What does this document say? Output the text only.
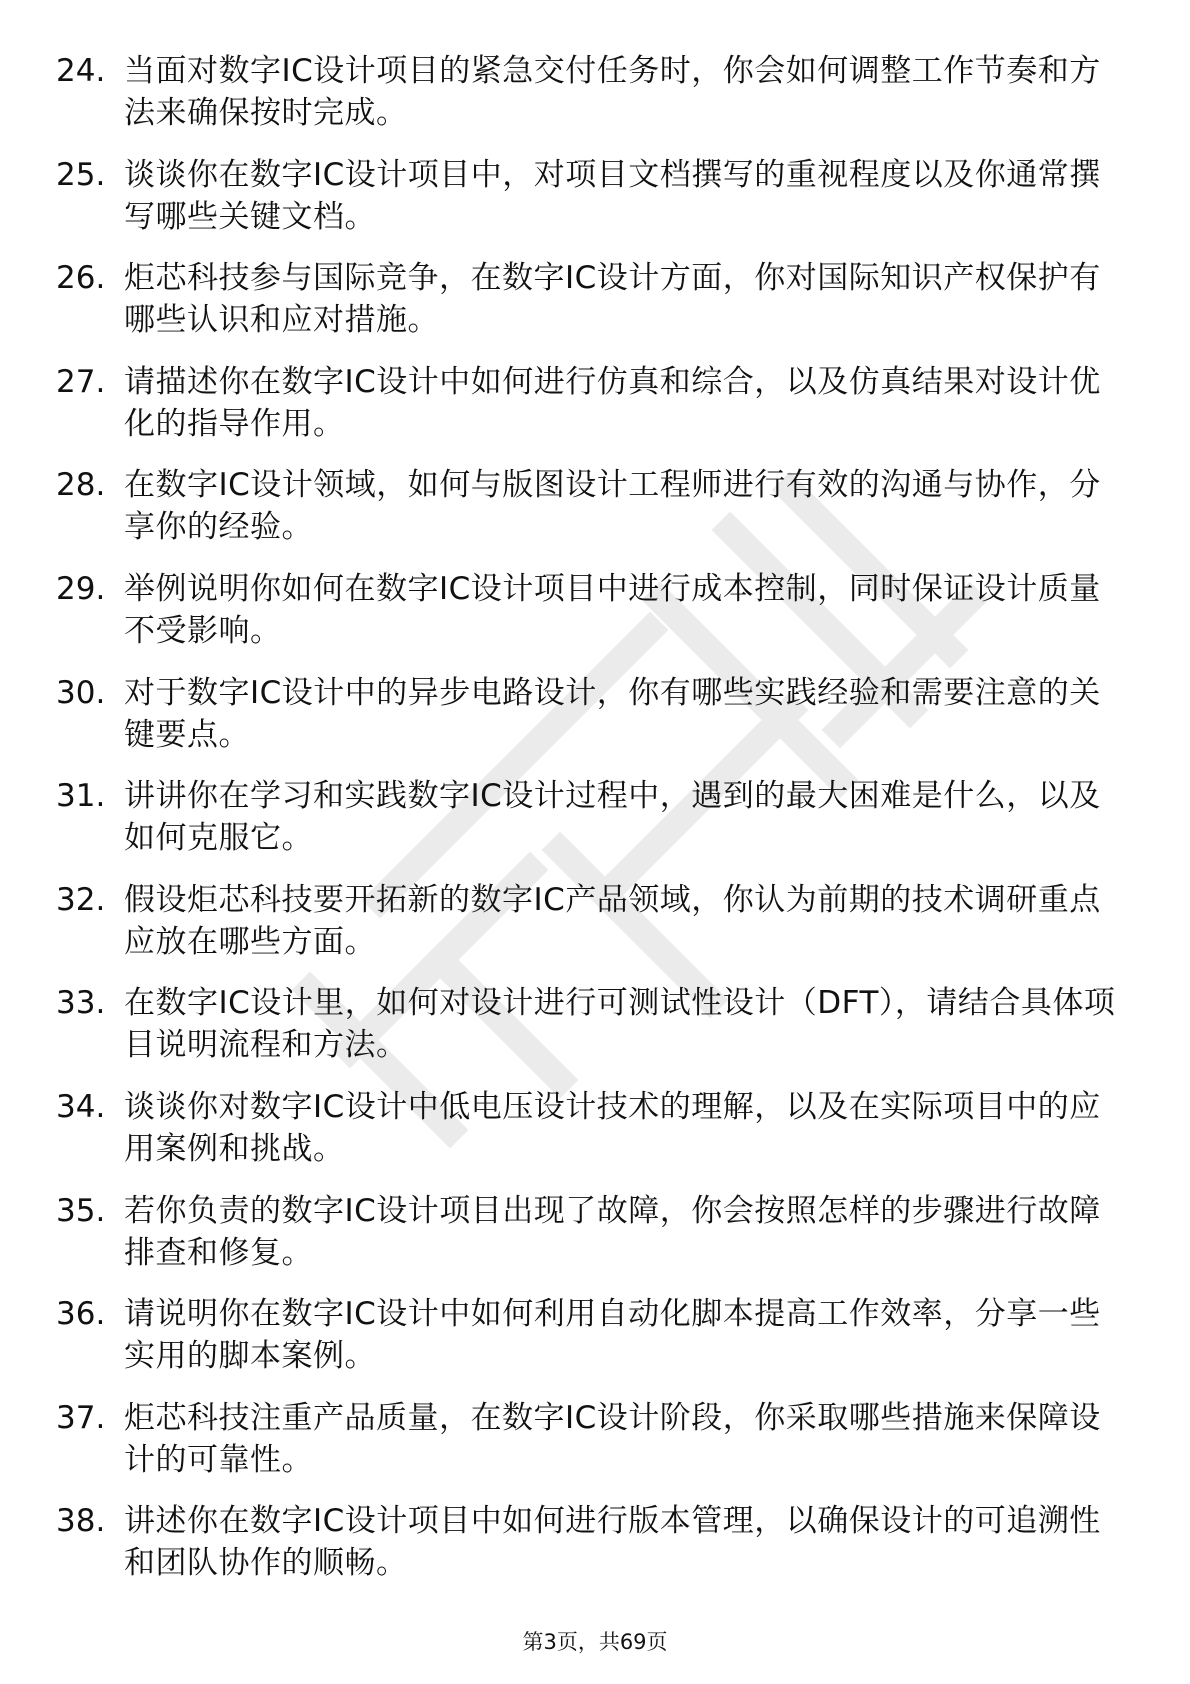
24. 当面对数字IC设计项目的紧急交付任务时，你会如何调整工作节奏和方法来确保按时完成。
25. 谈谈你在数字IC设计项目中，对项目文档撰写的重视程度以及你通常撰写哪些关键文档。
26. 炬芯科技参与国际竞争，在数字IC设计方面，你对国际知识产权保护有哪些认识和应对措施。
27. 请描述你在数字IC设计中如何进行仿真和综合，以及仿真结果对设计优化的指导作用。
28. 在数字IC设计领域，如何与版图设计工程师进行有效的沟通与协作，分享你的经验。
29. 举例说明你如何在数字IC设计项目中进行成本控制，同时保证设计质量不受影响。
30. 对于数字IC设计中的异步电路设计，你有哪些实践经验和需要注意的关键要点。
31. 讲讲你在学习和实践数字IC设计过程中，遇到的最大困难是什么，以及如何克服它。
32. 假设炬芯科技要开拓新的数字IC产品领域，你认为前期的技术调研重点应放在哪些方面。
33. 在数字IC设计里，如何对设计进行可测试性设计（DFT），请结合具体项目说明流程和方法。
34. 谈谈你对数字IC设计中低电压设计技术的理解，以及在实际项目中的应用案例和挑战。
35. 若你负责的数字IC设计项目出现了故障，你会按照怎样的步骤进行故障排查和修复。
36. 请说明你在数字IC设计中如何利用自动化脚本提高工作效率，分享一些实用的脚本案例。
37. 炬芯科技注重产品质量，在数字IC设计阶段，你采取哪些措施来保障设计的可靠性。
38. 讲述你在数字IC设计项目中如何进行版本管理，以确保设计的可追溯性和团队协作的顺畅。
第3页，共69页
